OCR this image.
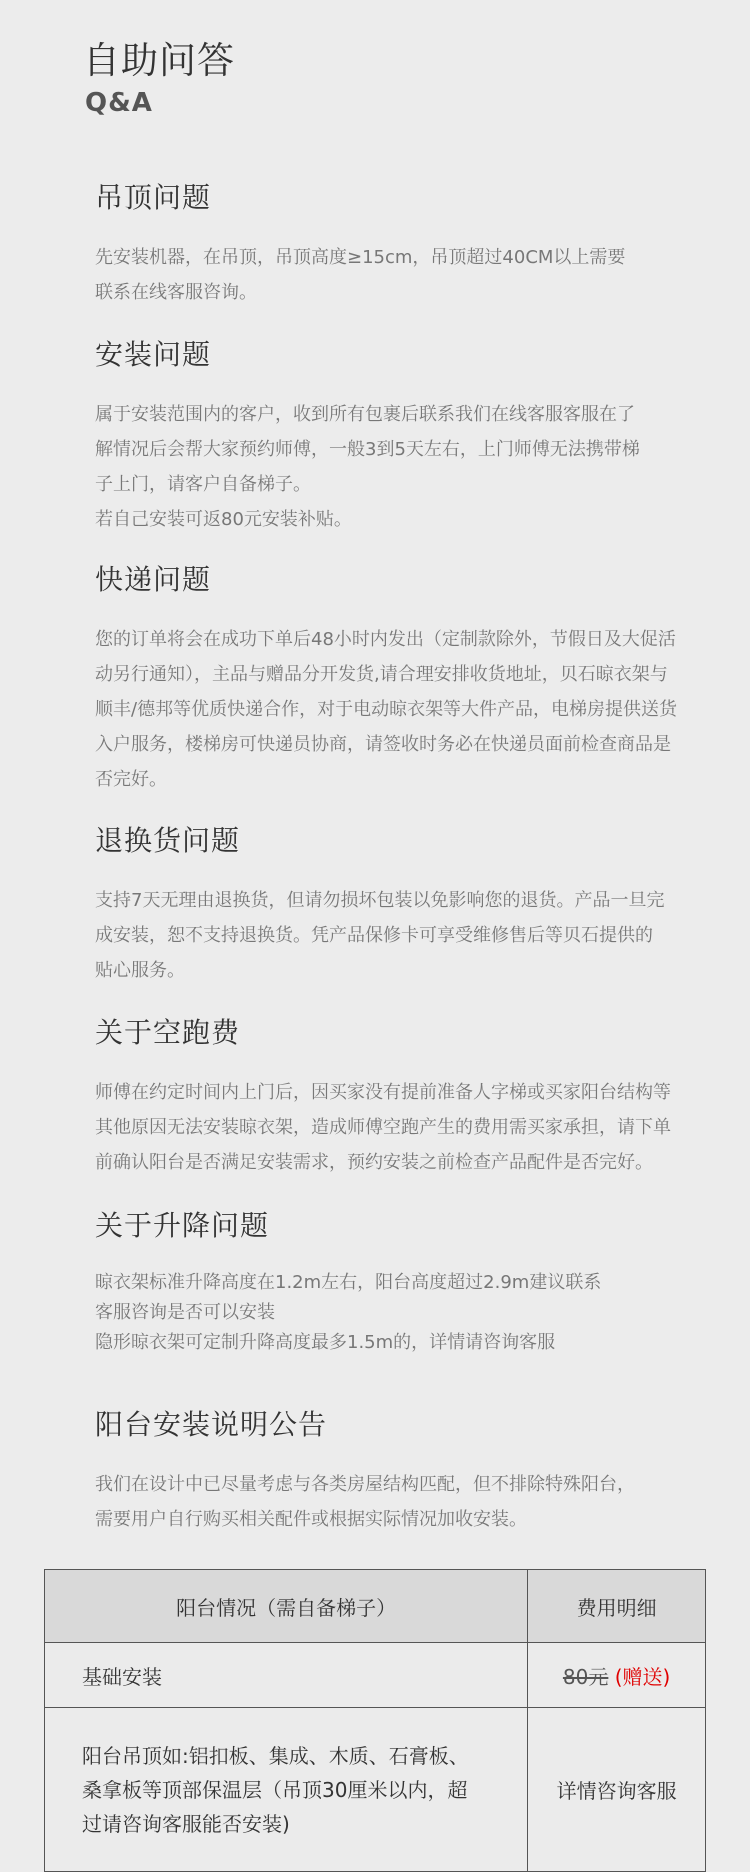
自助问答
Q&A
吊顶问题
先安装机器，在吊顶，吊顶高度≥15cm，吊顶超过40CM以上需要
联系在线客服咨询。
安装问题
属于安装范围内的客户，收到所有包裹后联系我们在线客服客服在了
解情况后会帮大家预约师傅，一般3到5天左右，上门师傅无法携带梯
子上门，请客户自备梯子。
若自己安装可返80元安装补贴。
快递问题
您的订单将会在成功下单后48小时内发出（定制款除外，节假日及大促活
动另行通知），主品与赠品分开发货,请合理安排收货地址，贝石晾衣架与
顺丰/德邦等优质快递合作，对于电动晾衣架等大件产品，电梯房提供送货
入户服务，楼梯房可快递员协商，请签收时务必在快递员面前检查商品是
否完好。
退换货问题
支持7天无理由退换货，但请勿损坏包装以免影响您的退货。产品一旦完
成安装，恕不支持退换货。凭产品保修卡可享受维修售后等贝石提供的
贴心服务。
关于空跑费
师傅在约定时间内上门后，因买家没有提前准备人字梯或买家阳台结构等
其他原因无法安装晾衣架，造成师傅空跑产生的费用需买家承担，请下单
前确认阳台是否满足安装需求，预约安装之前检查产品配件是否完好。
关于升降问题
晾衣架标准升降高度在1.2m左右，阳台高度超过2.9m建议联系
客服咨询是否可以安装
隐形晾衣架可定制升降高度最多1.5m的，详情请咨询客服
阳台安装说明公告
我们在设计中已尽量考虑与各类房屋结构匹配，但不排除特殊阳台，
需要用户自行购买相关配件或根据实际情况加收安装。
阳台情况（需自备梯子）	费用明细
基础安装	80元 (赠送)

阳台吊顶如:铝扣板、集成、木质、石膏板、
桑拿板等顶部保温层（吊顶30厘米以内，超
过请咨询客服能否安装)	详情咨询客服
